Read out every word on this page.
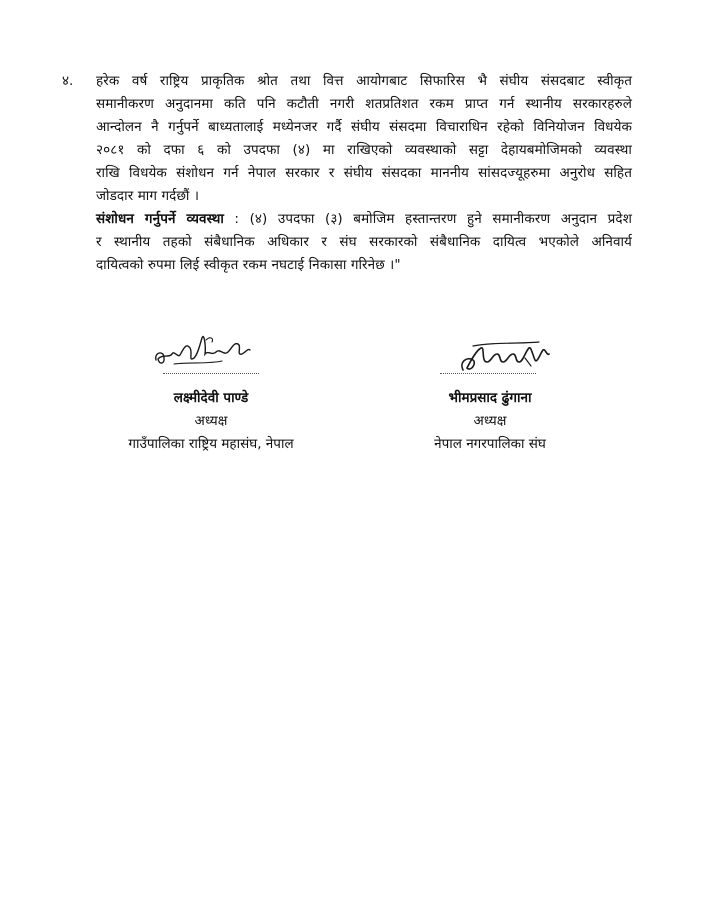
४. हरेक वर्ष राष्ट्रिय प्राकृतिक श्रोत तथा वित्त आयोगबाट सिफारिस भै संघीय संसदबाट स्वीकृत
समानीकरण अनुदानमा कति पनि कटौती नगरी शतप्रतिशत रकम प्राप्त गर्न स्थानीय सरकारहरुले
आन्दोलन नै गर्नुपर्ने बाध्यतालाई मध्येनजर गर्दै संघीय संसदमा विचाराधिन रहेको विनियोजन विधयेक
२०८१ को दफा ६ को उपदफा (४) मा राखिएको व्यवस्थाको सट्टा देहायबमोजिमको व्यवस्था
राखि विधयेक संशोधन गर्न नेपाल सरकार र संघीय संसदका माननीय सांसदज्यूहरुमा अनुरोध सहित
जोडदार माग गर्दछौं ।
संशोधन गर्नुपर्ने व्यवस्था : (४) उपदफा (३) बमोजिम हस्तान्तरण हुने समानीकरण अनुदान प्रदेश
र स्थानीय तहको संबैधानिक अधिकार र संघ सरकारको संबैधानिक दायित्व भएकोले अनिवार्य
दायित्वको रुपमा लिई स्वीकृत रकम नघटाई निकासा गरिनेछ ।"
लक्ष्मीदेवी पाण्डे
अध्यक्ष
गाउँपालिका राष्ट्रिय महासंघ, नेपाल
भीमप्रसाद ढुंगाना
अध्यक्ष
नेपाल नगरपालिका संघ
